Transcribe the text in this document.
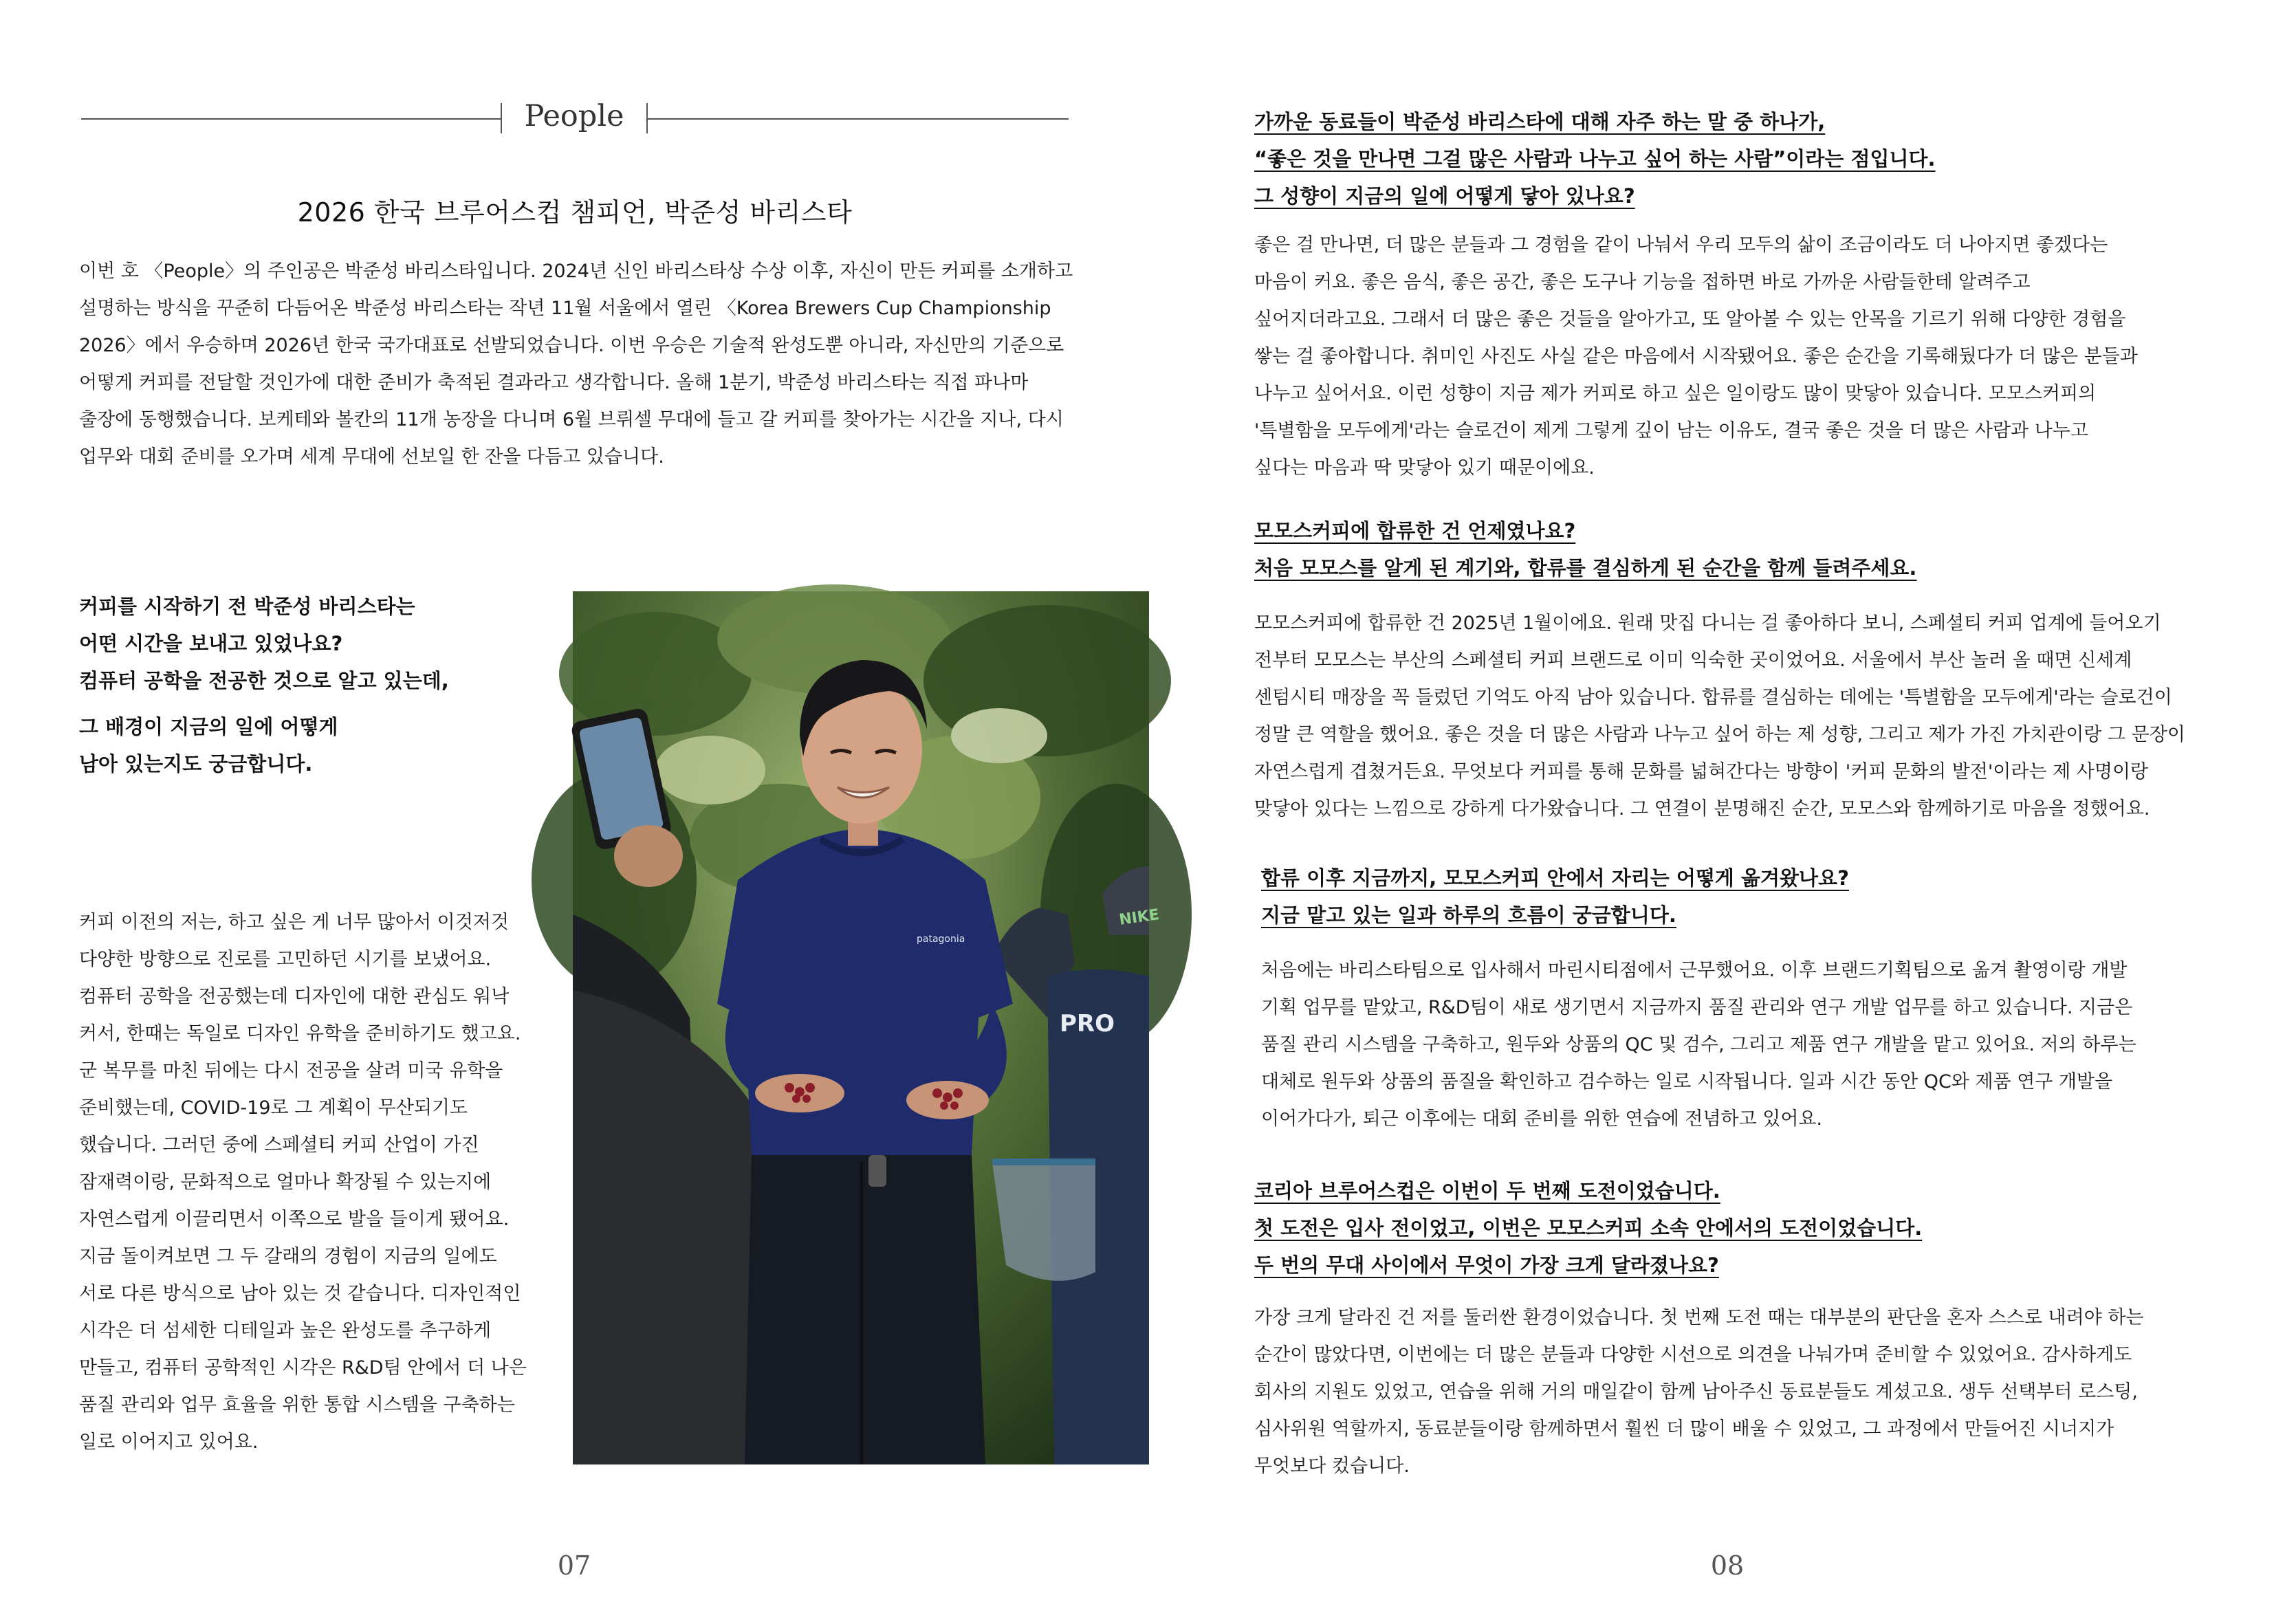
People
2026 한국 브루어스컵 챔피언, 박준성 바리스타
이번 호 〈People〉의 주인공은 박준성 바리스타입니다. 2024년 신인 바리스타상 수상 이후, 자신이 만든 커피를 소개하고
설명하는 방식을 꾸준히 다듬어온 박준성 바리스타는 작년 11월 서울에서 열린 〈Korea Brewers Cup Championship
2026〉에서 우승하며 2026년 한국 국가대표로 선발되었습니다. 이번 우승은 기술적 완성도뿐 아니라, 자신만의 기준으로
어떻게 커피를 전달할 것인가에 대한 준비가 축적된 결과라고 생각합니다. 올해 1분기, 박준성 바리스타는 직접 파나마
출장에 동행했습니다. 보케테와 볼칸의 11개 농장을 다니며 6월 브뤼셀 무대에 들고 갈 커피를 찾아가는 시간을 지나, 다시
업무와 대회 준비를 오가며 세계 무대에 선보일 한 잔을 다듬고 있습니다.
커피를 시작하기 전 박준성 바리스타는
어떤 시간을 보내고 있었나요?
컴퓨터 공학을 전공한 것으로 알고 있는데,
그 배경이 지금의 일에 어떻게
남아 있는지도 궁금합니다.
커피 이전의 저는, 하고 싶은 게 너무 많아서 이것저것
다양한 방향으로 진로를 고민하던 시기를 보냈어요.
컴퓨터 공학을 전공했는데 디자인에 대한 관심도 워낙
커서, 한때는 독일로 디자인 유학을 준비하기도 했고요.
군 복무를 마친 뒤에는 다시 전공을 살려 미국 유학을
준비했는데, COVID-19로 그 계획이 무산되기도
했습니다. 그러던 중에 스페셜티 커피 산업이 가진
잠재력이랑, 문화적으로 얼마나 확장될 수 있는지에
자연스럽게 이끌리면서 이쪽으로 발을 들이게 됐어요.
지금 돌이켜보면 그 두 갈래의 경험이 지금의 일에도
서로 다른 방식으로 남아 있는 것 같습니다. 디자인적인
시각은 더 섬세한 디테일과 높은 완성도를 추구하게
만들고, 컴퓨터 공학적인 시각은 R&D팀 안에서 더 나은
품질 관리와 업무 효율을 위한 통합 시스템을 구축하는
일로 이어지고 있어요.
PRO
NIKE
patagonia
07
가까운 동료들이 박준성 바리스타에 대해 자주 하는 말 중 하나가,
“좋은 것을 만나면 그걸 많은 사람과 나누고 싶어 하는 사람”이라는 점입니다.
그 성향이 지금의 일에 어떻게 닿아 있나요?
좋은 걸 만나면, 더 많은 분들과 그 경험을 같이 나눠서 우리 모두의 삶이 조금이라도 더 나아지면 좋겠다는
마음이 커요. 좋은 음식, 좋은 공간, 좋은 도구나 기능을 접하면 바로 가까운 사람들한테 알려주고
싶어지더라고요. 그래서 더 많은 좋은 것들을 알아가고, 또 알아볼 수 있는 안목을 기르기 위해 다양한 경험을
쌓는 걸 좋아합니다. 취미인 사진도 사실 같은 마음에서 시작됐어요. 좋은 순간을 기록해뒀다가 더 많은 분들과
나누고 싶어서요. 이런 성향이 지금 제가 커피로 하고 싶은 일이랑도 많이 맞닿아 있습니다. 모모스커피의
'특별함을 모두에게'라는 슬로건이 제게 그렇게 깊이 남는 이유도, 결국 좋은 것을 더 많은 사람과 나누고
싶다는 마음과 딱 맞닿아 있기 때문이에요.
모모스커피에 합류한 건 언제였나요?
처음 모모스를 알게 된 계기와, 합류를 결심하게 된 순간을 함께 들려주세요.
모모스커피에 합류한 건 2025년 1월이에요. 원래 맛집 다니는 걸 좋아하다 보니, 스페셜티 커피 업계에 들어오기
전부터 모모스는 부산의 스페셜티 커피 브랜드로 이미 익숙한 곳이었어요. 서울에서 부산 놀러 올 때면 신세계
센텀시티 매장을 꼭 들렀던 기억도 아직 남아 있습니다. 합류를 결심하는 데에는 '특별함을 모두에게'라는 슬로건이
정말 큰 역할을 했어요. 좋은 것을 더 많은 사람과 나누고 싶어 하는 제 성향, 그리고 제가 가진 가치관이랑 그 문장이
자연스럽게 겹쳤거든요. 무엇보다 커피를 통해 문화를 넓혀간다는 방향이 '커피 문화의 발전'이라는 제 사명이랑
맞닿아 있다는 느낌으로 강하게 다가왔습니다. 그 연결이 분명해진 순간, 모모스와 함께하기로 마음을 정했어요.
합류 이후 지금까지, 모모스커피 안에서 자리는 어떻게 옮겨왔나요?
지금 맡고 있는 일과 하루의 흐름이 궁금합니다.
처음에는 바리스타팀으로 입사해서 마린시티점에서 근무했어요. 이후 브랜드기획팀으로 옮겨 촬영이랑 개발
기획 업무를 맡았고, R&D팀이 새로 생기면서 지금까지 품질 관리와 연구 개발 업무를 하고 있습니다. 지금은
품질 관리 시스템을 구축하고, 원두와 상품의 QC 및 검수, 그리고 제품 연구 개발을 맡고 있어요. 저의 하루는
대체로 원두와 상품의 품질을 확인하고 검수하는 일로 시작됩니다. 일과 시간 동안 QC와 제품 연구 개발을
이어가다가, 퇴근 이후에는 대회 준비를 위한 연습에 전념하고 있어요.
코리아 브루어스컵은 이번이 두 번째 도전이었습니다.
첫 도전은 입사 전이었고, 이번은 모모스커피 소속 안에서의 도전이었습니다.
두 번의 무대 사이에서 무엇이 가장 크게 달라졌나요?
가장 크게 달라진 건 저를 둘러싼 환경이었습니다. 첫 번째 도전 때는 대부분의 판단을 혼자 스스로 내려야 하는
순간이 많았다면, 이번에는 더 많은 분들과 다양한 시선으로 의견을 나눠가며 준비할 수 있었어요. 감사하게도
회사의 지원도 있었고, 연습을 위해 거의 매일같이 함께 남아주신 동료분들도 계셨고요. 생두 선택부터 로스팅,
심사위원 역할까지, 동료분들이랑 함께하면서 훨씬 더 많이 배울 수 있었고, 그 과정에서 만들어진 시너지가
무엇보다 컸습니다.
08
